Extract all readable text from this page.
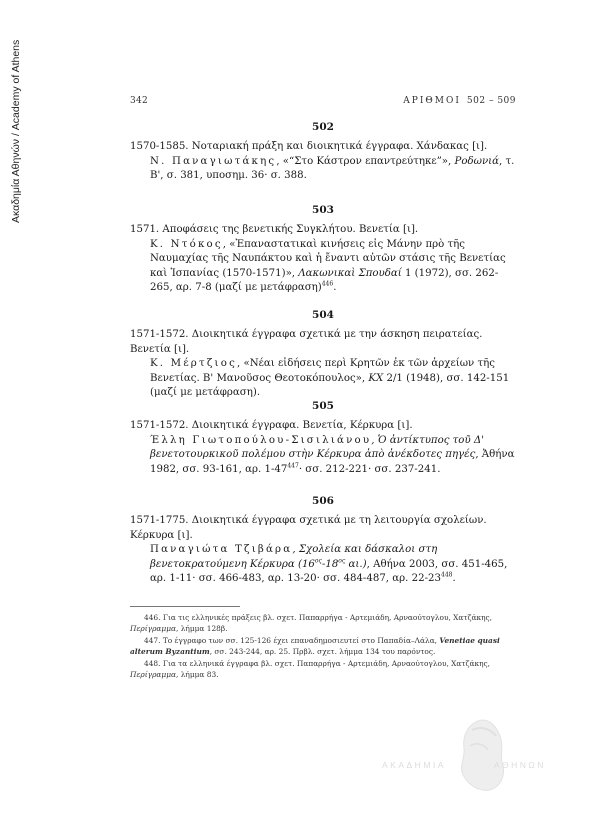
Ακαδημία Αθηνών / Academy of Athens	342	ΑΡΙΘΜΟΙ 502 – 509
502

1570-1585. Νοταριακή πράξη και διοικητικά έγγραφα. Χάνδακας [ι].

Ν. Παναγιωτάκης, «“Στο Κάστρον επαντρεύτηκε”», Ροδωνιά, τ. Β', σ. 381, υποσημ. 36· σ. 388.

503

1571. Αποφάσεις της βενετικής Συγκλήτου. Βενετία [ι].

Κ. Ντόκος, «Ἐπαναστατικαὶ κινήσεις εἰς Μάνην πρὸ τῆς Ναυμαχίας τῆς Ναυπάκτου καὶ ἡ ἔναντι αὐτῶν στάσις τῆς Βενετίας καὶ Ἰσπανίας (1570-1571)», Λακωνικαὶ Σπουδαί 1 (1972), σσ. 262-265, αρ. 7-8 (μαζί με μετάφραση)$^{446}$.

504

1571-1572. Διοικητικά έγγραφα σχετικά με την άσκηση πειρατείας. Βενετία [ι].

Κ. Μέρτζιος, «Νέαι εἰδήσεις περὶ Κρητῶν ἐκ τῶν ἀρχείων τῆς Βενετίας. Β' Μανοῦσος Θεοτοκόπουλος», ΚΧ 2/1 (1948), σσ. 142-151 (μαζί με μετάφραση).

505

1571-1572. Διοικητικά έγγραφα. Βενετία, Κέρκυρα [ι].

Έλλη Γιωτοπούλου-Σισιλιάνου, Ὁ ἀντίκτυπος τοῦ Δ' βενετοτουρκικοῦ πολέμου στὴν Κέρκυρα ἀπὸ ἀνέκδοτες πηγές, Ἀθήνα 1982, σσ. 93-161, αρ. $1-47^{447}\cdot \sigma\sigma$. 212-221· σσ. 237-241.

506

1571-1775. Διοικητικά έγγραφα σχετικά με τη λειτουργία σχολείων. Κέρκυρα [ι].

Παναγιώτα Τζιβάρα, Σχολεία και δάσκαλοι στη βενετοκρατούμενη Κέρκυρα ($16^{o\varsigma}-18^{o\varsigma}$ αι.), Αθήνα 2003, σσ. 451-465, αρ. 1-11· σσ. 466-483, αρ. 13-20· σσ. 484-487, αρ. $22-23^{448}$.

446. Για τις ελληνικές πράξεις βλ. σχετ. Παπαρρήγα - Αρτεμιάδη, Αρναούτογλου, Χατζάκης, Περίγραμμα, λήμμα 128β.

447. Το έγγραφο των σσ. 125-126 έχει επαναδημοσιευτεί στο Παπαδία–Λάλα, Venetiae quasi alterum Byzantium, σσ. 243-244, αρ. 25. Πρβλ. σχετ. λήμμα 134 του παρόντος.

448. Για τα ελληνικά έγγραφα βλ. σχετ. Παπαρρήγα - Αρτεμιάδη, Αρναούτογλου, Χατζάκης, Περίγραμμα, λήμμα 83.

ΑΚΑΔΗΜΙΑ	ΑΘΗΝΩΝ
